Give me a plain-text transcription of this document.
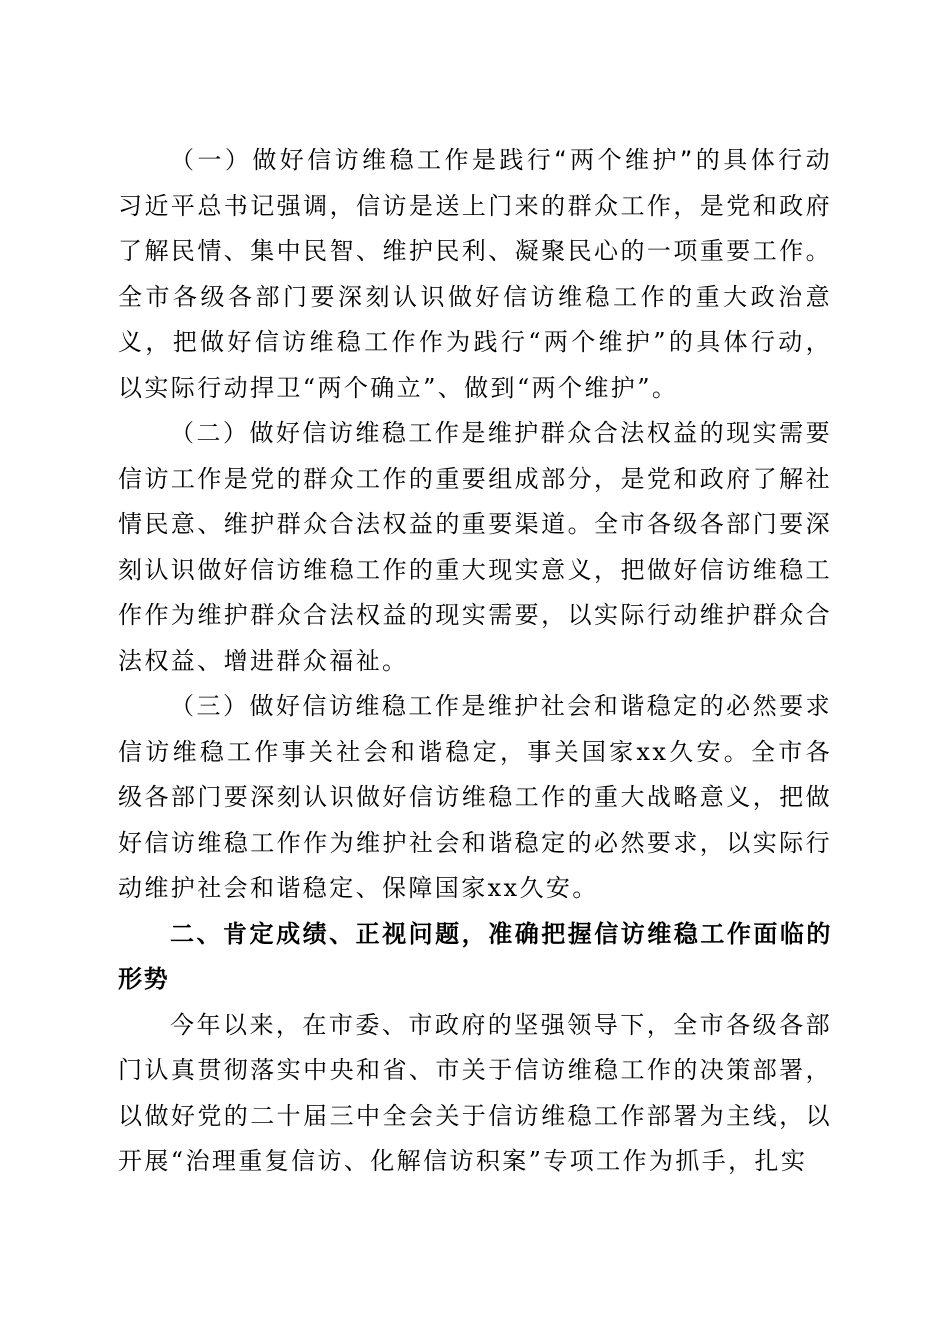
（一）做好信访维稳工作是践行“两个维护”的具体行动习近平总书记强调，信访是送上门来的群众工作，是党和政府了解民情、集中民智、维护民利、凝聚民心的一项重要工作。全市各级各部门要深刻认识做好信访维稳工作的重大政治意义，把做好信访维稳工作作为践行“两个维护”的具体行动，以实际行动捍卫“两个确立”、做到“两个维护”。

（二）做好信访维稳工作是维护群众合法权益的现实需要信访工作是党的群众工作的重要组成部分，是党和政府了解社情民意、维护群众合法权益的重要渠道。全市各级各部门要深刻认识做好信访维稳工作的重大现实意义，把做好信访维稳工作作为维护群众合法权益的现实需要，以实际行动维护群众合法权益、增进群众福祉。

（三）做好信访维稳工作是维护社会和谐稳定的必然要求信访维稳工作事关社会和谐稳定，事关国家xx久安。全市各级各部门要深刻认识做好信访维稳工作的重大战略意义，把做好信访维稳工作作为维护社会和谐稳定的必然要求，以实际行动维护社会和谐稳定、保障国家xx久安。

二、肯定成绩、正视问题，准确把握信访维稳工作面临的形势

今年以来，在市委、市政府的坚强领导下，全市各级各部门认真贯彻落实中央和省、市关于信访维稳工作的决策部署，以做好党的二十届三中全会关于信访维稳工作部署为主线，以开展“治理重复信访、化解信访积案”专项工作为抓手，扎实
